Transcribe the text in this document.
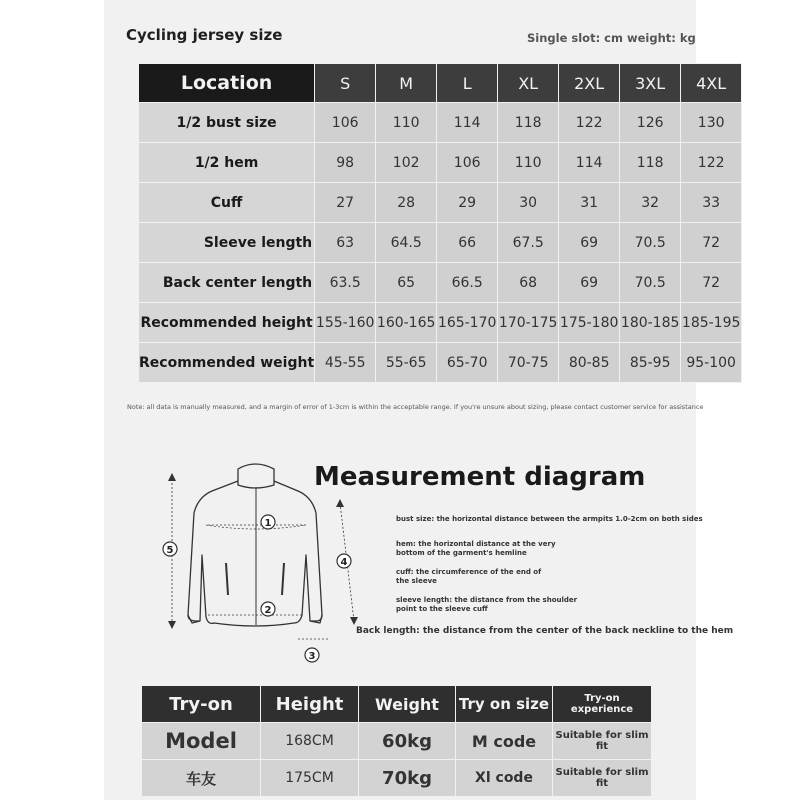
Cycling jersey size	Single slot: cm weight: kg
Location	S	M	L	XL	2XL	3XL	4XL
1/2 bust size	106	110	114	118	122	126	130
1/2 hem	98	102	106	110	114	118	122
Cuff	27	28	29	30	31	32	33
Sleeve length	63	64.5	66	67.5	69	70.5	72
Back center length	63.5	65	66.5	68	69	70.5	72
Recommended height	155-160	160-165	165-170	170-175	175-180	180-185	185-195
Recommended weight	45-55	55-65	65-70	70-75	80-85	85-95	95-100
Note: all data is manually measured, and a margin of error of 1-3cm is within the acceptable range. If you're unsure about sizing, please contact customer service for assistance
1
2
3
4
5
Measurement diagram
bust size: the horizontal distance between the armpits 1.0-2cm on both sides
hem: the horizontal distance at the very bottom of the garment's hemline
cuff: the circumference of the end of the sleeve
sleeve length: the distance from the shoulder point to the sleeve cuff
Back length: the distance from the center of the back neckline to the hem
Try-on	Height	Weight	Try on size	Try-on experience
Model	168CM	60kg	M code	Suitable for slim fit
车友	175CM	70kg	Xl code	Suitable for slim fit
